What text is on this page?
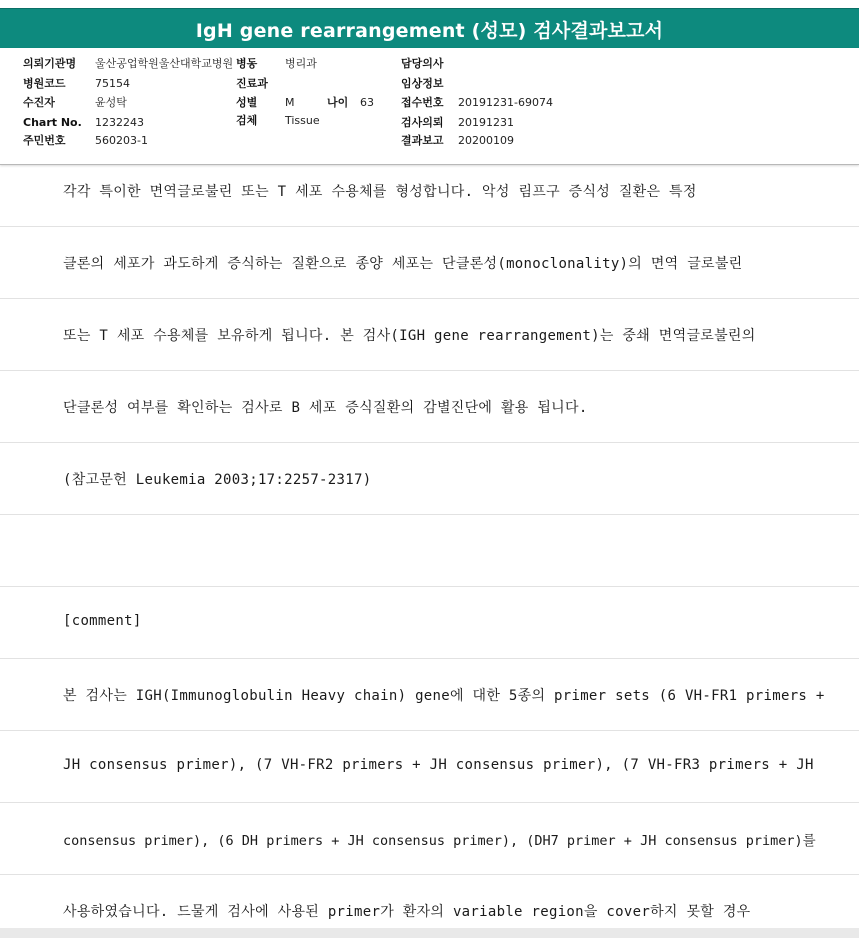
IgH gene rearrangement (성모) 검사결과보고서
의뢰기관명 울산공업학원울산대학교병원
병원코드	75154
수진자	윤성탁
Chart No. 1232243
주민번호	560203-1
병동	병리과
진료과
성별	M	나이 63
검체	Tissue
담당의사
임상정보
접수번호 20191231-69074
검사의뢰 20191231
결과보고 20200109
각각 특이한 면역글로불린 또는 T 세포 수용체를 형성합니다. 악성 림프구 증식성 질환은 특정
클론의 세포가 과도하게 증식하는 질환으로 종양 세포는 단클론성(monoclonality)의 면역 글로불린
또는 T 세포 수용체를 보유하게 됩니다. 본 검사(IGH gene rearrangement)는 중쇄 면역글로불린의
단클론성 여부를 확인하는 검사로 B 세포 증식질환의 감별진단에 활용 됩니다.
(참고문헌 Leukemia 2003;17:2257-2317)
[comment]
본 검사는 IGH(Immunoglobulin Heavy chain) gene에 대한 5종의 primer sets (6 VH-FR1 primers +
JH consensus primer), (7 VH-FR2 primers + JH consensus primer), (7 VH-FR3 primers + JH
consensus primer), (6 DH primers + JH consensus primer), (DH7 primer + JH consensus primer)를
사용하였습니다. 드물게 검사에 사용된 primer가 환자의 variable region을 cover하지 못할 경우
